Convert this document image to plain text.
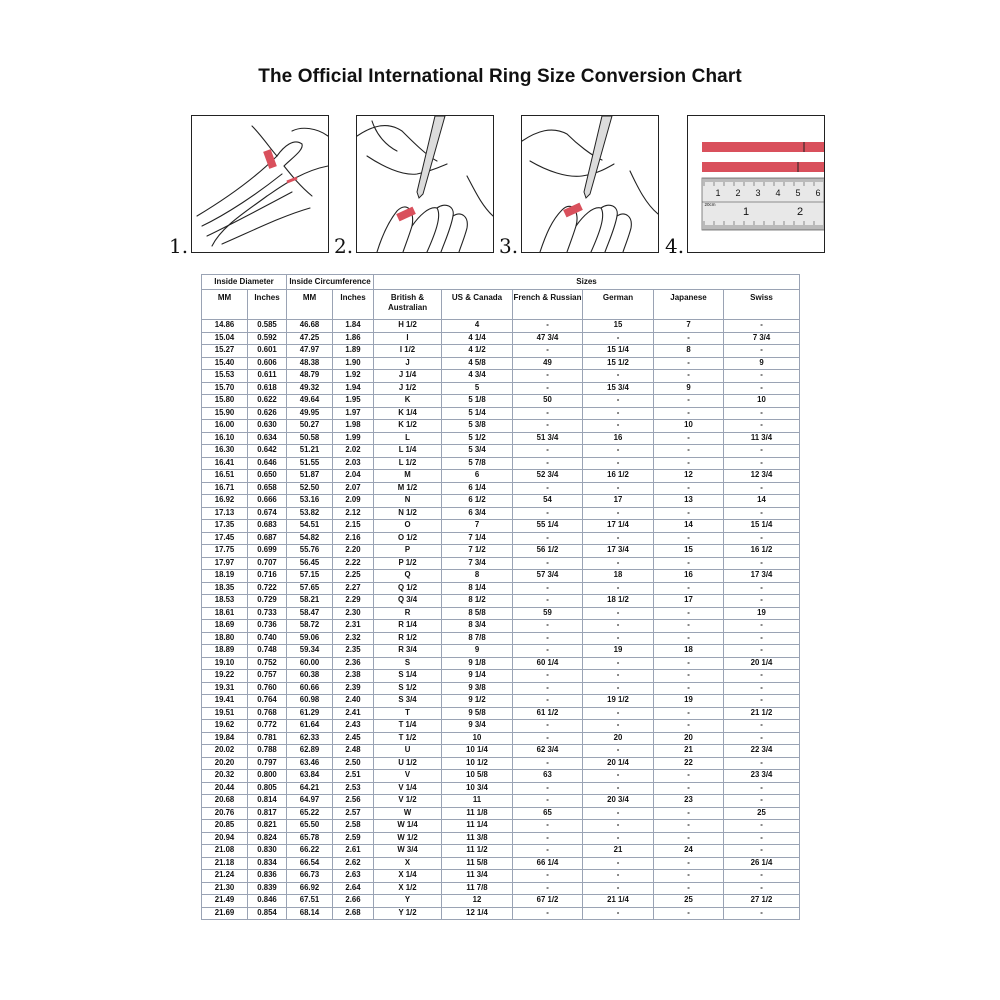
The Official International Ring Size Conversion Chart
1.	2.	3.
1 2 3 4 5 6
1	2
20cm
4.
Inside Diameter		Inside Circumference		Sizes					
MM	Inches	MM	Inches	British & Australian	US & Canada	French & Russian	German	Japanese	Swiss
14.86	0.585	46.68	1.84	H 1/2	4	-	15	7	-
15.04	0.592	47.25	1.86	I	4 1/4	47 3/4	-	-	7 3/4
15.27	0.601	47.97	1.89	I 1/2	4 1/2	-	15 1/4	8	-
15.40	0.606	48.38	1.90	J	4 5/8	49	15 1/2	-	9
15.53	0.611	48.79	1.92	J 1/4	4 3/4	-	-	-	-
15.70	0.618	49.32	1.94	J 1/2	5	-	15 3/4	9	-
15.80	0.622	49.64	1.95	K	5 1/8	50	-	-	10
15.90	0.626	49.95	1.97	K 1/4	5 1/4	-	-	-	-
16.00	0.630	50.27	1.98	K 1/2	5 3/8	-	-	10	-
16.10	0.634	50.58	1.99	L	5 1/2	51 3/4	16	-	11 3/4
16.30	0.642	51.21	2.02	L 1/4	5 3/4	-	-	-	-
16.41	0.646	51.55	2.03	L 1/2	5 7/8	-	-	-	-
16.51	0.650	51.87	2.04	M	6	52 3/4	16 1/2	12	12 3/4
16.71	0.658	52.50	2.07	M 1/2	6 1/4	-	-	-	-
16.92	0.666	53.16	2.09	N	6 1/2	54	17	13	14
17.13	0.674	53.82	2.12	N 1/2	6 3/4	-	-	-	-
17.35	0.683	54.51	2.15	O	7	55 1/4	17 1/4	14	15 1/4
17.45	0.687	54.82	2.16	O 1/2	7 1/4	-	-	-	-
17.75	0.699	55.76	2.20	P	7 1/2	56 1/2	17 3/4	15	16 1/2
17.97	0.707	56.45	2.22	P 1/2	7 3/4	-	-	-	-
18.19	0.716	57.15	2.25	Q	8	57 3/4	18	16	17 3/4
18.35	0.722	57.65	2.27	Q 1/2	8 1/4	-	-	-	-
18.53	0.729	58.21	2.29	Q 3/4	8 1/2	-	18 1/2	17	-
18.61	0.733	58.47	2.30	R	8 5/8	59	-	-	19
18.69	0.736	58.72	2.31	R 1/4	8 3/4	-	-	-	-
18.80	0.740	59.06	2.32	R 1/2	8 7/8	-	-	-	-
18.89	0.748	59.34	2.35	R 3/4	9	-	19	18	-
19.10	0.752	60.00	2.36	S	9 1/8	60 1/4	-	-	20 1/4
19.22	0.757	60.38	2.38	S 1/4	9 1/4	-	-	-	-
19.31	0.760	60.66	2.39	S 1/2	9 3/8	-	-	-	-
19.41	0.764	60.98	2.40	S 3/4	9 1/2	-	19 1/2	19	-
19.51	0.768	61.29	2.41	T	9 5/8	61 1/2	-	-	21 1/2
19.62	0.772	61.64	2.43	T 1/4	9 3/4	-	-	-	-
19.84	0.781	62.33	2.45	T 1/2	10	-	20	20	-
20.02	0.788	62.89	2.48	U	10 1/4	62 3/4	-	21	22 3/4
20.20	0.797	63.46	2.50	U 1/2	10 1/2	-	20 1/4	22	-
20.32	0.800	63.84	2.51	V	10 5/8	63	-	-	23 3/4
20.44	0.805	64.21	2.53	V 1/4	10 3/4	-	-	-	-
20.68	0.814	64.97	2.56	V 1/2	11	-	20 3/4	23	-
20.76	0.817	65.22	2.57	W	11 1/8	65	-	-	25
20.85	0.821	65.50	2.58	W 1/4	11 1/4	-	-	-	-
20.94	0.824	65.78	2.59	W 1/2	11 3/8	-	-	-	-
21.08	0.830	66.22	2.61	W 3/4	11 1/2	-	21	24	-
21.18	0.834	66.54	2.62	X	11 5/8	66 1/4	-	-	26 1/4
21.24	0.836	66.73	2.63	X 1/4	11 3/4	-	-	-	-
21.30	0.839	66.92	2.64	X 1/2	11 7/8	-	-	-	-
21.49	0.846	67.51	2.66	Y	12	67 1/2	21 1/4	25	27 1/2
21.69	0.854	68.14	2.68	Y 1/2	12 1/4	-	-	-	-
